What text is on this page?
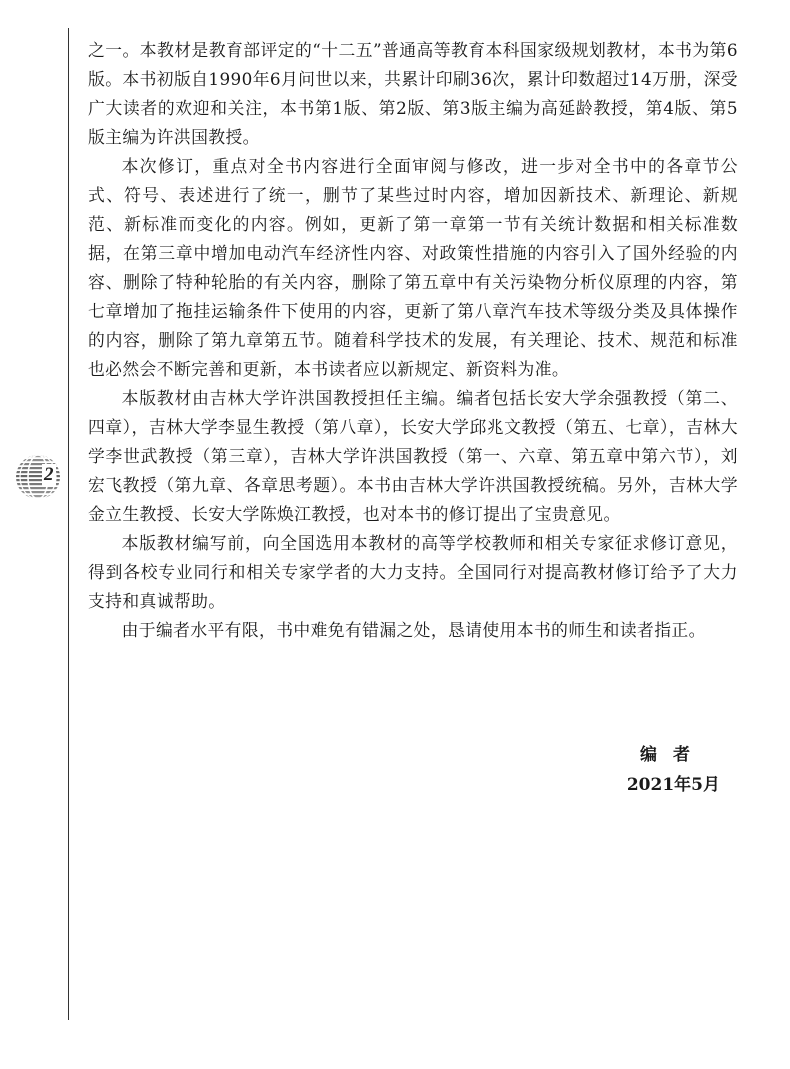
2

之一。本教材是教育部评定的“十二五”普通高等教育本科国家级规划教材，本书为第6版。本书初版自1990年6月问世以来，共累计印刷36次，累计印数超过14万册，深受广大读者的欢迎和关注，本书第1版、第2版、第3版主编为高延龄教授，第4版、第5版主编为许洪国教授。

本次修订，重点对全书内容进行全面审阅与修改，进一步对全书中的各章节公式、符号、表述进行了统一，删节了某些过时内容，增加因新技术、新理论、新规范、新标准而变化的内容。例如，更新了第一章第一节有关统计数据和相关标准数据，在第三章中增加电动汽车经济性内容、对政策性措施的内容引入了国外经验的内容、删除了特种轮胎的有关内容，删除了第五章中有关污染物分析仪原理的内容，第七章增加了拖挂运输条件下使用的内容，更新了第八章汽车技术等级分类及具体操作的内容，删除了第九章第五节。随着科学技术的发展，有关理论、技术、规范和标准也必然会不断完善和更新，本书读者应以新规定、新资料为准。

本版教材由吉林大学许洪国教授担任主编。编者包括长安大学余强教授（第二、四章），吉林大学李显生教授（第八章），长安大学邱兆文教授（第五、七章），吉林大学李世武教授（第三章），吉林大学许洪国教授（第一、六章、第五章中第六节），刘宏飞教授（第九章、各章思考题）。本书由吉林大学许洪国教授统稿。另外，吉林大学金立生教授、长安大学陈焕江教授，也对本书的修订提出了宝贵意见。

本版教材编写前，向全国选用本教材的高等学校教师和相关专家征求修订意见，得到各校专业同行和相关专家学者的大力支持。全国同行对提高教材修订给予了大力支持和真诚帮助。

由于编者水平有限，书中难免有错漏之处，恳请使用本书的师生和读者指正。

编者
2021年5月
